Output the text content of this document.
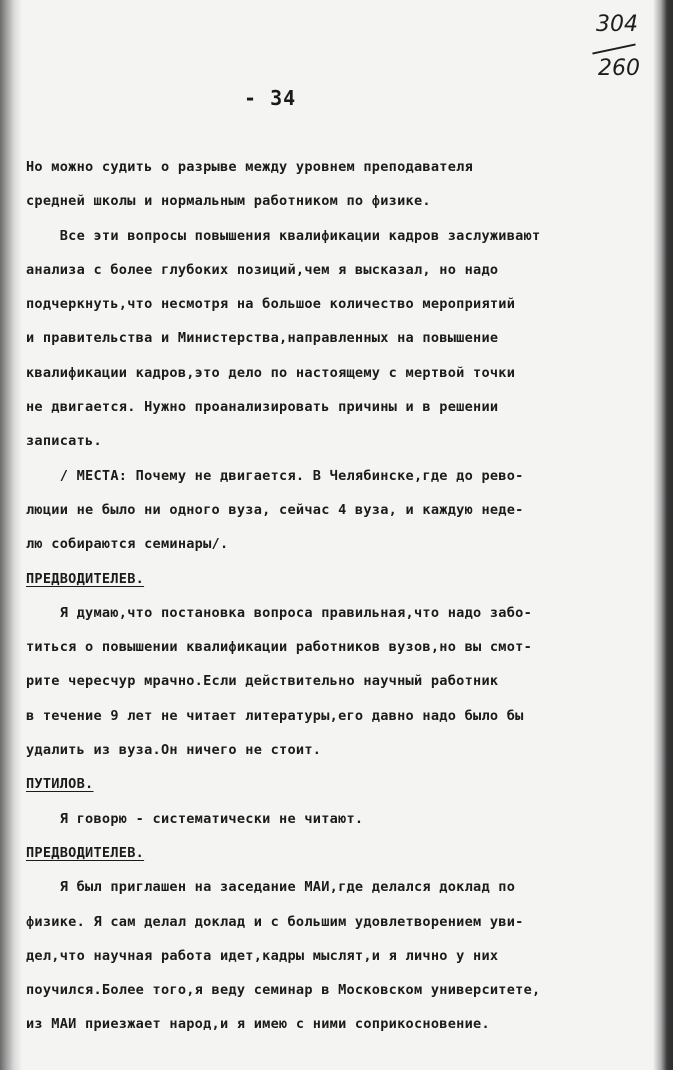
304
260
- 34
Но можно судить о разрыве между уровнем преподавателя
средней школы и нормальным работником по физике.
Все эти вопросы повышения квалификации кадров заслуживают
анализа с более глубоких позиций,чем я высказал, но надо
подчеркнуть,что несмотря на большое количество мероприятий
и правительства и Министерства,направленных на повышение
квалификации кадров,это дело по настоящему с мертвой точки
не двигается. Нужно проанализировать причины и в решении
записать.
/ МЕСТА: Почему не двигается. В Челябинске,где до рево-
люции не было ни одного вуза, сейчас 4 вуза, и каждую неде-
лю собираются семинары/.
ПРЕДВОДИТЕЛЕВ.
Я думаю,что постановка вопроса правильная,что надо забо-
титься о повышении квалификации работников вузов,но вы смот-
рите чересчур мрачно.Если действительно научный работник
в течение 9 лет не читает литературы,его давно надо было бы
удалить из вуза.Он ничего не стоит.
ПУТИЛОВ.
Я говорю - систематически не читают.
ПРЕДВОДИТЕЛЕВ.
Я был приглашен на заседание МАИ,где делался доклад по
физике. Я сам делал доклад и с большим удовлетворением уви-
дел,что научная работа идет,кадры мыслят,и я лично у них
поучился.Более того,я веду семинар в Московском университете,
из МАИ приезжает народ,и я имею с ними соприкосновение.
